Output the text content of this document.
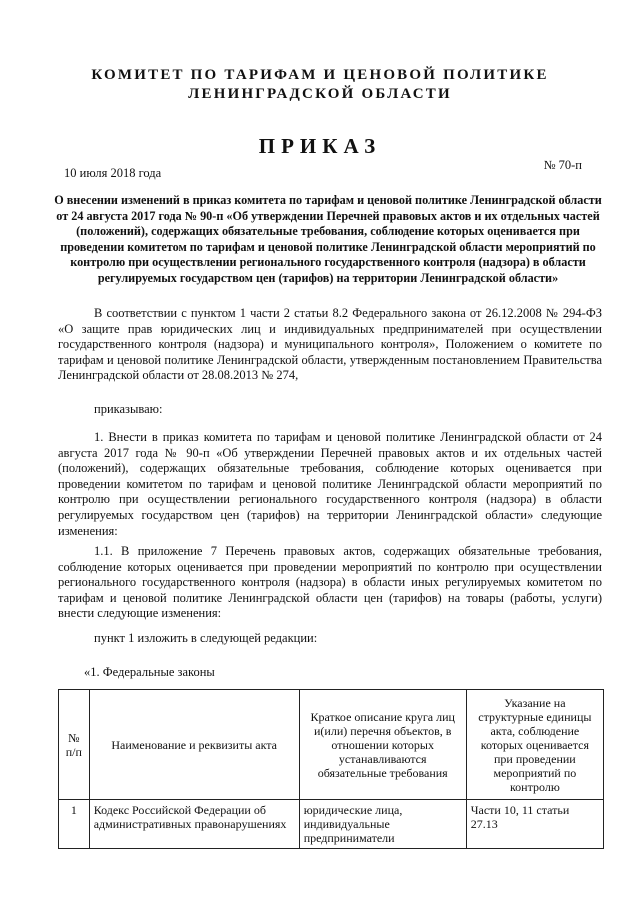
КОМИТЕТ ПО ТАРИФАМ И ЦЕНОВОЙ ПОЛИТИКЕ
ЛЕНИНГРАДСКОЙ ОБЛАСТИ
ПРИКАЗ
10 июля 2018 года
№ 70-п
О внесении изменений в приказ комитета по тарифам и ценовой политике Ленинградской области от 24 августа 2017 года № 90-п «Об утверждении Перечней правовых актов и их отдельных частей (положений), содержащих обязательные требования, соблюдение которых оценивается при проведении комитетом по тарифам и ценовой политике Ленинградской области мероприятий по контролю при осуществлении регионального государственного контроля (надзора) в области регулируемых государством цен (тарифов) на территории Ленинградской области»

В соответствии с пунктом 1 части 2 статьи 8.2 Федерального закона от 26.12.2008 № 294-ФЗ «О защите прав юридических лиц и индивидуальных предпринимателей при осуществлении государственного контроля (надзора) и муниципального контроля», Положением о комитете по тарифам и ценовой политике Ленинградской области, утвержденным постановлением Правительства Ленинградской области от 28.08.2013 № 274,

приказываю:

1. Внести в приказ комитета по тарифам и ценовой политике Ленинградской области от 24 августа 2017 года № 90-п «Об утверждении Перечней правовых актов и их отдельных частей (положений), содержащих обязательные требования, соблюдение которых оценивается при проведении комитетом по тарифам и ценовой политике Ленинградской области мероприятий по контролю при осуществлении регионального государственного контроля (надзора) в области регулируемых государством цен (тарифов) на территории Ленинградской области» следующие изменения:

1.1. В приложение 7 Перечень правовых актов, содержащих обязательные требования, соблюдение которых оценивается при проведении мероприятий по контролю при осуществлении регионального государственного контроля (надзора) в области иных регулируемых комитетом по тарифам и ценовой политике Ленинградской области цен (тарифов) на товары (работы, услуги) внести следующие изменения:

пункт 1 изложить в следующей редакции:

«1. Федеральные законы

№ п/п	Наименование и реквизиты акта	Краткое описание круга лиц и(или) перечня объектов, в отношении которых устанавливаются обязательные требования	Указание на структурные единицы акта, соблюдение которых оценивается при проведении мероприятий по контролю
1	Кодекс Российской Федерации об административных правонарушениях	юридические лица, индивидуальные предприниматели	Части 10, 11 статьи 27.13
